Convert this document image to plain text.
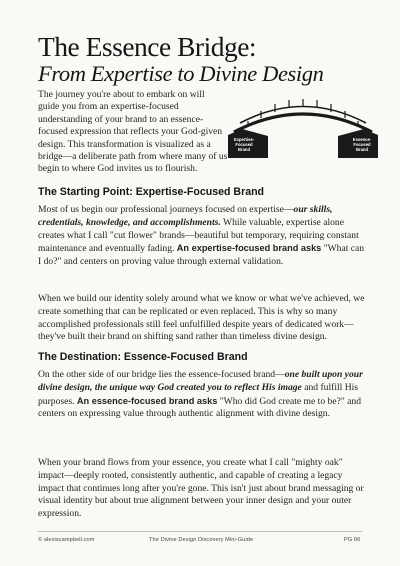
The Essence Bridge:
From Expertise to Divine Design
The journey you're about to embark on will guide you from an expertise-focused understanding of your brand to an essence-focused expression that reflects your God-given design. This transformation is visualized as a bridge—a deliberate path from where many of us begin to where God invites us to flourish.
Expertise-
Focused
Brand
Essence-
Focused
Brand
The Starting Point: Expertise-Focused Brand

Most of us begin our professional journeys focused on expertise—our skills, credentials, knowledge, and accomplishments. While valuable, expertise alone creates what I call "cut flower" brands—beautiful but temporary, requiring constant maintenance and eventually fading. An expertise-focused brand asks "What can I do?" and centers on proving value through external validation.

When we build our identity solely around what we know or what we've achieved, we create something that can be replicated or even replaced. This is why so many accomplished professionals still feel unfulfilled despite years of dedicated work—they've built their brand on shifting sand rather than timeless divine design.

The Destination: Essence-Focused Brand

On the other side of our bridge lies the essence-focused brand—one built upon your divine design, the unique way God created you to reflect His image and fulfill His purposes. An essence-focused brand asks "Who did God create me to be?" and centers on expressing value through authentic alignment with divine design.

When your brand flows from your essence, you create what I call "mighty oak" impact—deeply rooted, consistently authentic, and capable of creating a legacy impact that continues long after you're gone. This isn't just about brand messaging or visual identity but about true alignment between your inner design and your outer expression.

© alexiscampbell.com	The Divine Design Discovery Mini-Guide	PG 06
